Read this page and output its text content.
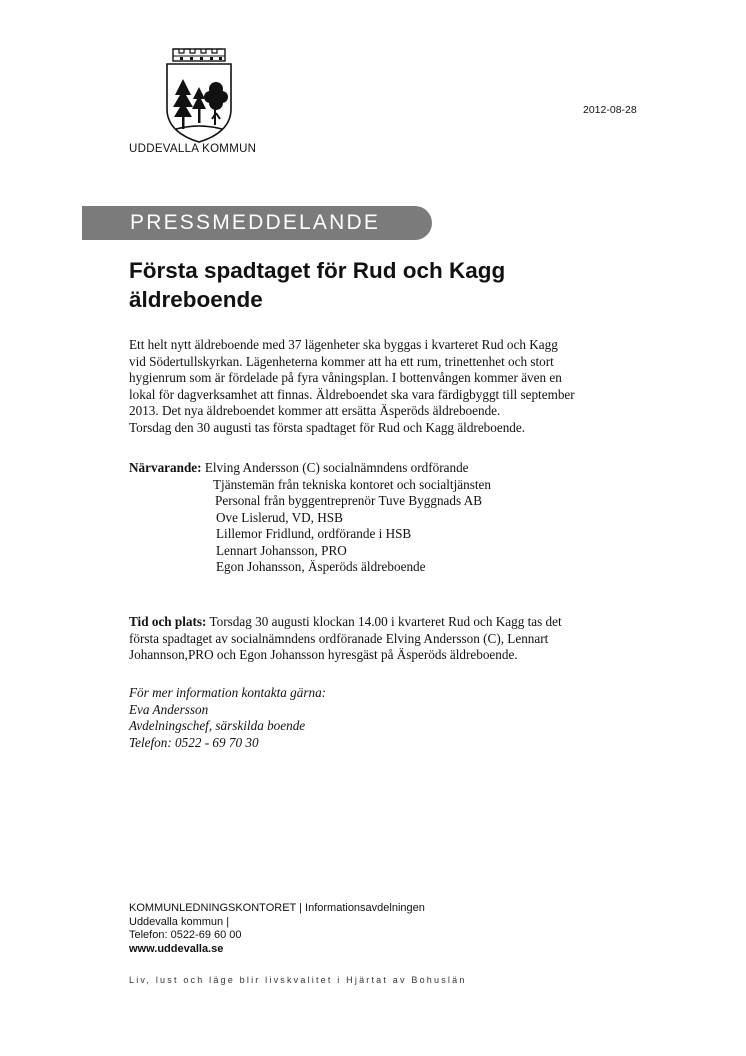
UDDEVALLA KOMMUN
2012-08-28
PRESSMEDDELANDE
Första spadtaget för Rud och Kagg
äldreboende

Ett helt nytt äldreboende med 37 lägenheter ska byggas i kvarteret Rud och Kagg
vid Södertullskyrkan. Lägenheterna kommer att ha ett rum, trinettenhet och stort
hygienrum som är fördelade på fyra våningsplan. I bottenvången kommer även en
lokal för dagverksamhet att finnas. Äldreboendet ska vara färdigbyggt till september
2013. Det nya äldreboendet kommer att ersätta Äsperöds äldreboende.
Torsdag den 30 augusti tas första spadtaget för Rud och Kagg äldreboende.

Närvarande: Elving Andersson (C) socialnämndens ordförande
Tjänstemän från tekniska kontoret och socialtjänsten
Personal från byggentreprenör Tuve Byggnads AB
Ove Lislerud, VD, HSB
Lillemor Fridlund, ordförande i HSB
Lennart Johansson, PRO
Egon Johansson, Äsperöds äldreboende

Tid och plats: Torsdag 30 augusti klockan 14.00 i kvarteret Rud och Kagg tas det
första spadtaget av socialnämndens ordföranade Elving Andersson (C), Lennart
Johannson,PRO och Egon Johansson hyresgäst på Äsperöds äldreboende.

För mer information kontakta gärna:
Eva Andersson
Avdelningschef, särskilda boende
Telefon: 0522 - 69 70 30
KOMMUNLEDNINGSKONTORET | Informationsavdelningen
Uddevalla kommun |
Telefon: 0522-69 60 00
www.uddevalla.se
Liv, lust och läge blir livskvalitet i Hjärtat av Bohuslän
